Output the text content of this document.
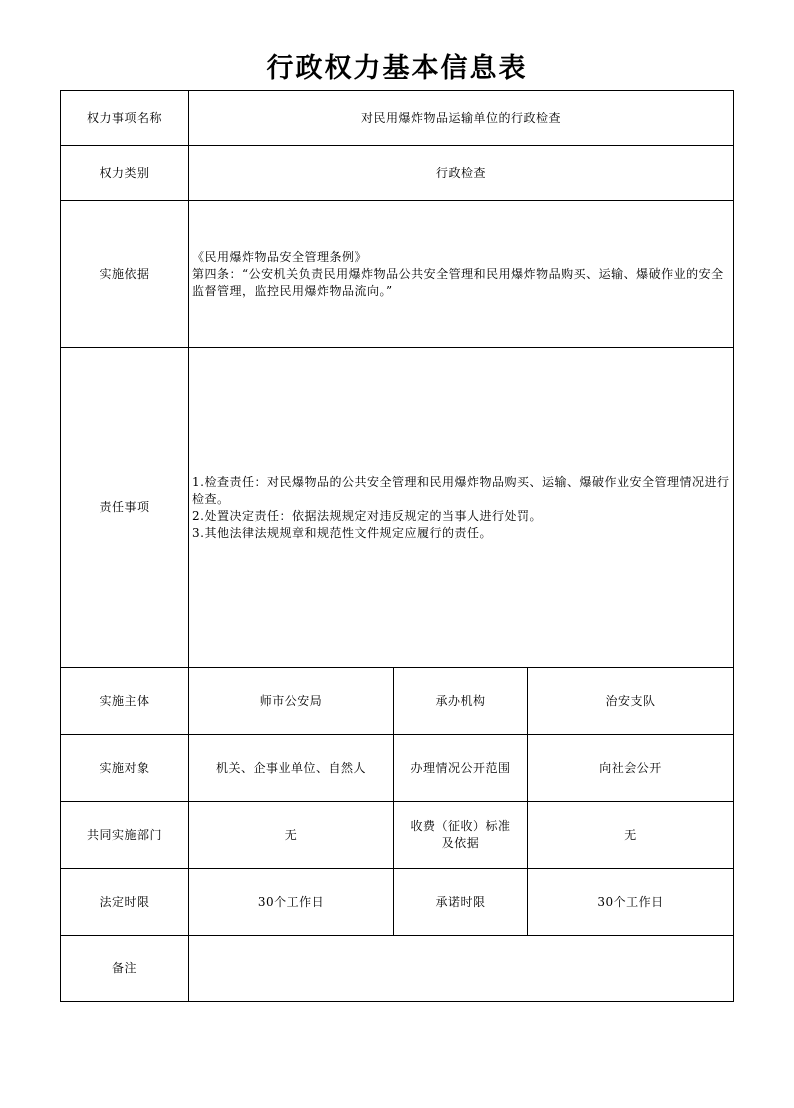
行政权力基本信息表
权力事项名称	对民用爆炸物品运输单位的行政检查		
权力类别	行政检查		
实施依据	《民用爆炸物品安全管理条例》
第四条：“公安机关负责民用爆炸物品公共安全管理和民用爆炸物品购买、运输、爆破作业的安全监督管理，监控民用爆炸物品流向。”		

责任事项	1.检查责任：对民爆物品的公共安全管理和民用爆炸物品购买、运输、爆破作业安全管理情况进行检查。
2.处置决定责任：依据法规规定对违反规定的当事人进行处罚。
3.其他法律法规规章和规范性文件规定应履行的责任。		

实施主体	师市公安局	承办机构	治安支队
实施对象	机关、企事业单位、自然人	办理情况公开范围	向社会公开
共同实施部门	无	收费（征收）标准及依据	无
法定时限	30个工作日	承诺时限	30个工作日
备注			
